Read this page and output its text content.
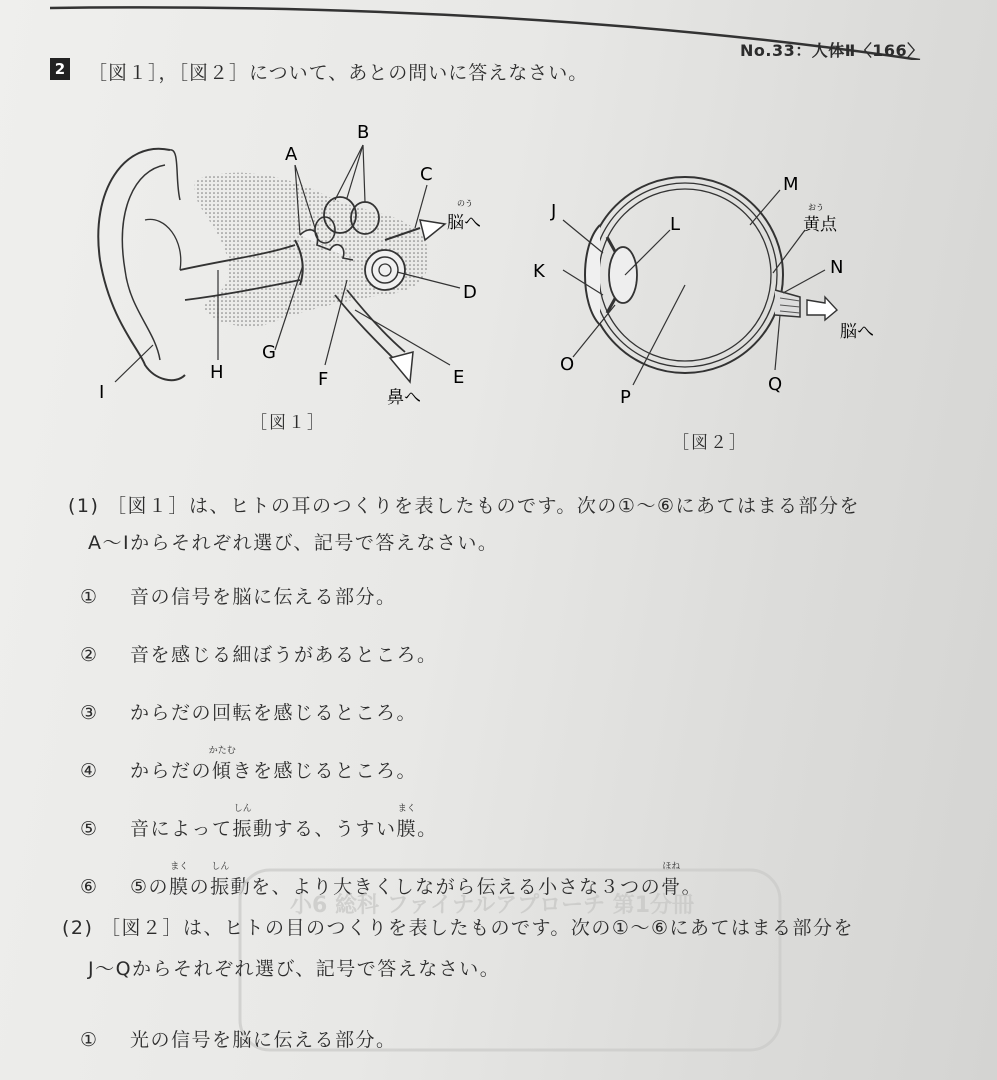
No.33：人体Ⅱ〈166〉
2 ［図１］，［図２］について、あとの問いに答えなさい。
A
B
C
D
E
F
G
H
I
のう
脳へ
鼻へ
［図１］
J
K
L
M
おう
黄点
N
O
P
Q
脳へ
［図２］
(1) ［図１］は、ヒトの耳のつくりを表したものです。次の①～⑥にあてはまる部分を
A～Iからそれぞれ選び、記号で答えなさい。
① 音の信号を脳に伝える部分。
② 音を感じる細ぼうがあるところ。
③ からだの回転を感じるところ。
④ からだの傾
かたむ
きを感じるところ。
⑤ 音によって振
しん
動する、うすい膜
まく
。
⑥ ⑤の膜
まく
の振
しん
動を、より大きくしながら伝える小さな３つの骨
ほね
。
小6 総科 ファイナルアプローチ 第1分冊
(2) ［図２］は、ヒトの目のつくりを表したものです。次の①～⑥にあてはまる部分を
J～Qからそれぞれ選び、記号で答えなさい。
① 光の信号を脳に伝える部分。
